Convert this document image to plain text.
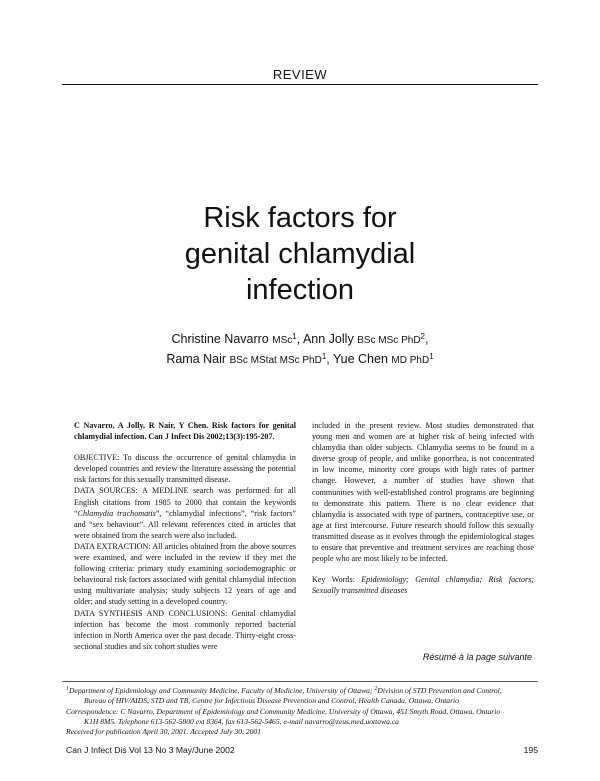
REVIEW
Risk factors for
genital chlamydial
infection
Christine Navarro MSc$^1$, Ann Jolly BSc MSc PhD$^2$,
Rama Nair BSc MStat MSc PhD$^1$, Yue Chen MD PhD$^1$

C Navarro, A Jolly, R Nair, Y Chen. Risk factors for genital chlamydial infection. Can J Infect Dis 2002;13(3):195-207.

OBJECTIVE: To discuss the occurrence of genital chlamydia in developed countries and review the literature assessing the potential risk factors for this sexually transmitted disease.

DATA SOURCES: A MEDLINE search was performed for all English citations from 1985 to 2000 that contain the keywords “Chlamydia trachomatis”, “chlamydial infections”, “risk factors” and “sex behaviour”. All relevant references cited in articles that were obtained from the search were also included.

DATA EXTRACTION: All articles obtained from the above sources were examined, and were included in the review if they met the following criteria: primary study examining sociodemographic or behavioural risk factors associated with genital chlamydial infection using multivariate analysis; study subjects 12 years of age and older; and study setting in a developed country.

DATA SYNTHESIS AND CONCLUSIONS: Genital chlamydial infection has become the most commonly reported bacterial infection in North America over the past decade. Thirty-eight cross-sectional studies and six cohort studies were

included in the present review. Most studies demonstrated that young men and women are at higher risk of being infected with chlamydia than older subjects. Chlamydia seems to be found in a diverse group of people, and unlike gonorrhea, is not concentrated in low income, minority core groups with high rates of partner change. However, a number of studies have shown that communities with well-established control programs are beginning to demonstrate this pattern. There is no clear evidence that chlamydia is associated with type of partners, contraceptive use, or age at first intercourse. Future research should follow this sexually transmitted disease as it evolves through the epidemiological stages to ensure that preventive and treatment services are reaching those people who are most likely to be infected.

Key Words: Epidemiology; Genital chlamydia; Risk factors; Sexually transmitted diseases

Résumé à la page suivante

$^1$Department of Epidemiology and Community Medicine, Faculty of Medicine, University of Ottawa; $^2$Division of STD Prevention and Control,

Bureau of HIV/AIDS, STD and TB, Centre for Infectious Disease Prevention and Control, Health Canada, Ottawa, Ontario

Correspondence: C Navarro, Department of Epidemiology and Community Medicine, University of Ottawa, 451 Smyth Road, Ottawa, Ontario

K1H 8M5. Telephone 613-562-5800 ext 8364, fax 613-562-5465, e-mail navarro@zeus.med.uottawa.ca

Received for publication April 30, 2001. Accepted July 30, 2001

Can J Infect Dis Vol 13 No 3 May/June 2002	195
